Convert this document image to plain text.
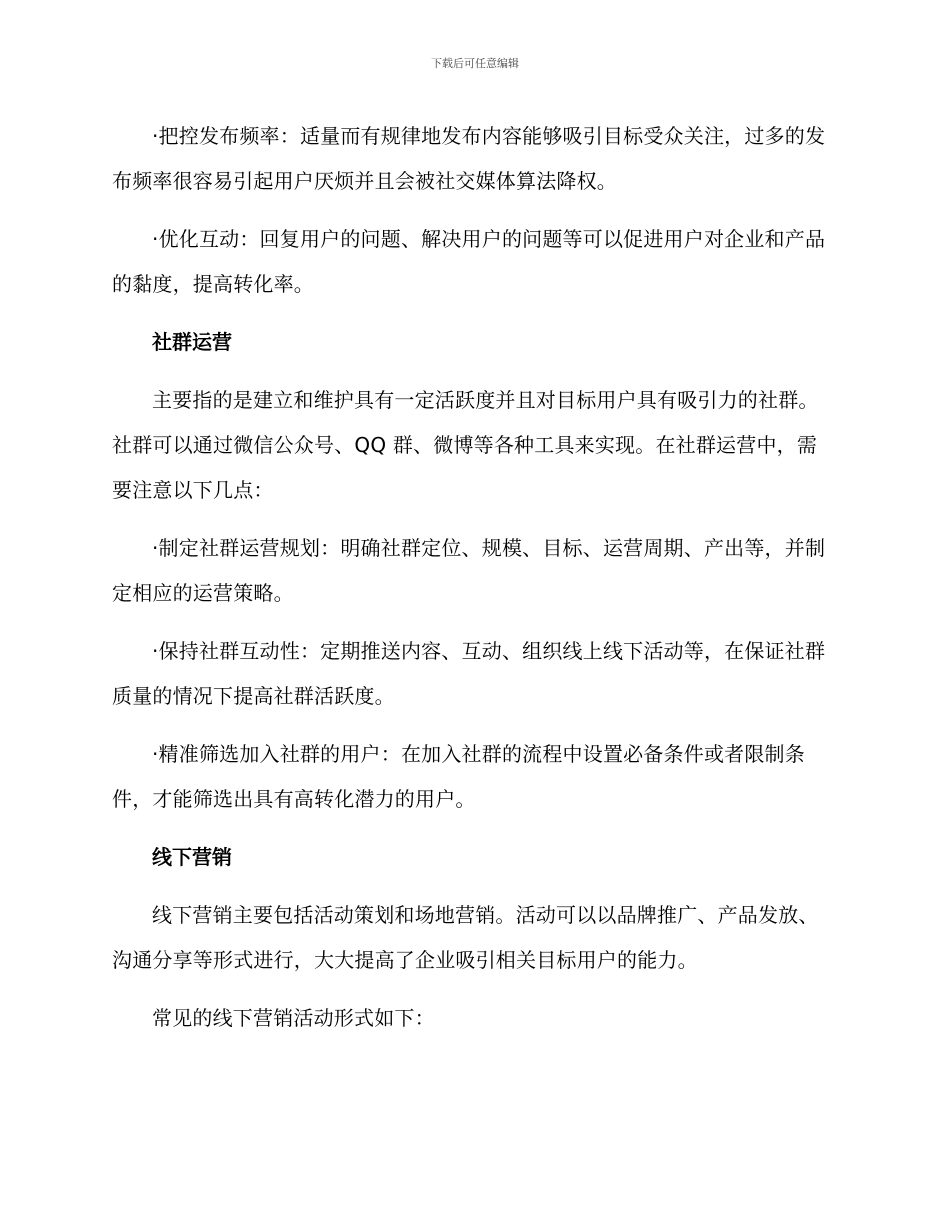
下载后可任意编辑

·把控发布频率：适量而有规律地发布内容能够吸引目标受众关注，过多的发布频率很容易引起用户厌烦并且会被社交媒体算法降权。

·优化互动：回复用户的问题、解决用户的问题等可以促进用户对企业和产品的黏度，提高转化率。

社群运营

主要指的是建立和维护具有一定活跃度并且对目标用户具有吸引力的社群。社群可以通过微信公众号、QQ 群、微博等各种工具来实现。在社群运营中，需要注意以下几点：

·制定社群运营规划：明确社群定位、规模、目标、运营周期、产出等，并制定相应的运营策略。

·保持社群互动性：定期推送内容、互动、组织线上线下活动等，在保证社群质量的情况下提高社群活跃度。

·精准筛选加入社群的用户：在加入社群的流程中设置必备条件或者限制条件，才能筛选出具有高转化潜力的用户。

线下营销

线下营销主要包括活动策划和场地营销。活动可以以品牌推广、产品发放、沟通分享等形式进行，大大提高了企业吸引相关目标用户的能力。

常见的线下营销活动形式如下：
